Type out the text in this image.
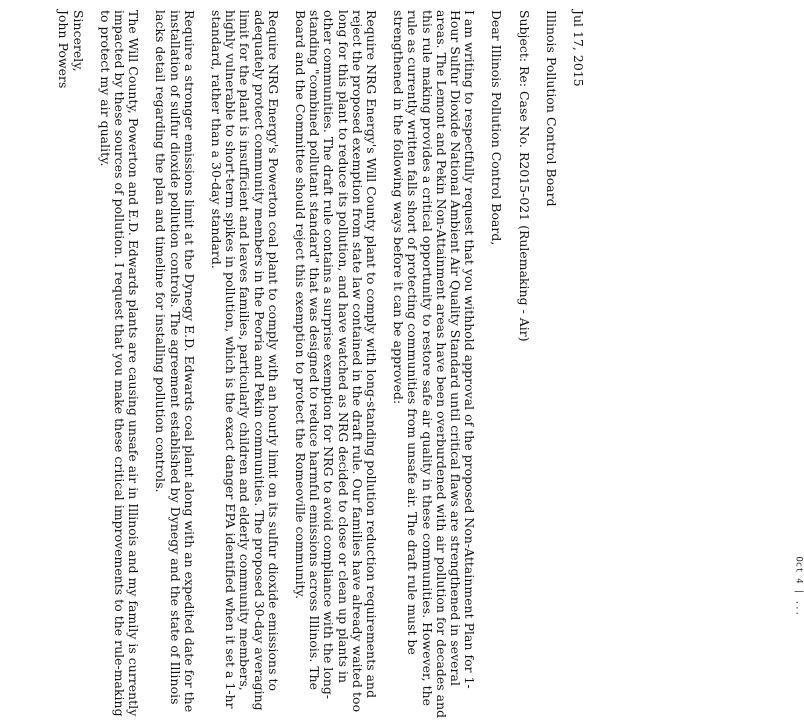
Jul 17, 2015

Illinois Pollution Control Board

Subject: Re: Case No. R2015-021 (Rulemaking - Air)

Dear Illinois Pollution Control Board,

I am writing to respectfully request that you withhold approval of the proposed Non-Attainment Plan for 1-Hour Sulfur Dioxide National Ambient Air Quality Standard until critical flaws are strengthened in several areas. The Lemont and Pekin Non-Attainment areas have been overburdened with air pollution for decades and this rule making provides a critical opportunity to restore safe air quality in these communities. However, the rule as currently written falls short of protecting communities from unsafe air. The draft rule must be strengthened in the following ways before it can be approved:

Require NRG Energy's Will County plant to comply with long-standing pollution reduction requirements and reject the proposed exemption from state law contained in the draft rule. Our families have already waited too long for this plant to reduce its pollution, and have watched as NRG decided to close or clean up plants in other communities. The draft rule contains a surprise exemption for NRG to avoid compliance with the long-standing "combined pollutant standard" that was designed to reduce harmful emissions across Illinois. The Board and the Committee should reject this exemption to protect the Romeoville community.

Require NRG Energy's Powerton coal plant to comply with an hourly limit on its sulfur dioxide emissions to adequately protect community members in the Peoria and Pekin communities. The proposed 30-day averaging limit for the plant is insufficient and leaves families, particularly children and elderly community members, highly vulnerable to short-term spikes in pollution, which is the exact danger EPA identified when it set a 1-hr standard, rather than a 30-day standard.

Require a stronger emissions limit at the Dynegy E.D. Edwards coal plant along with an expedited date for the installation of sulfur dioxide pollution controls. The agreement established by Dynegy and the state of Illinois lacks detail regarding the plan and timeline for installing pollution controls.

The Will County, Powerton and E.D. Edwards plants are causing unsafe air in Illinois and my family is currently impacted by these sources of pollution. I request that you make these critical improvements to the rule-making to protect my air quality.

Sincerely,

John Powers

Oct 4 | ...
